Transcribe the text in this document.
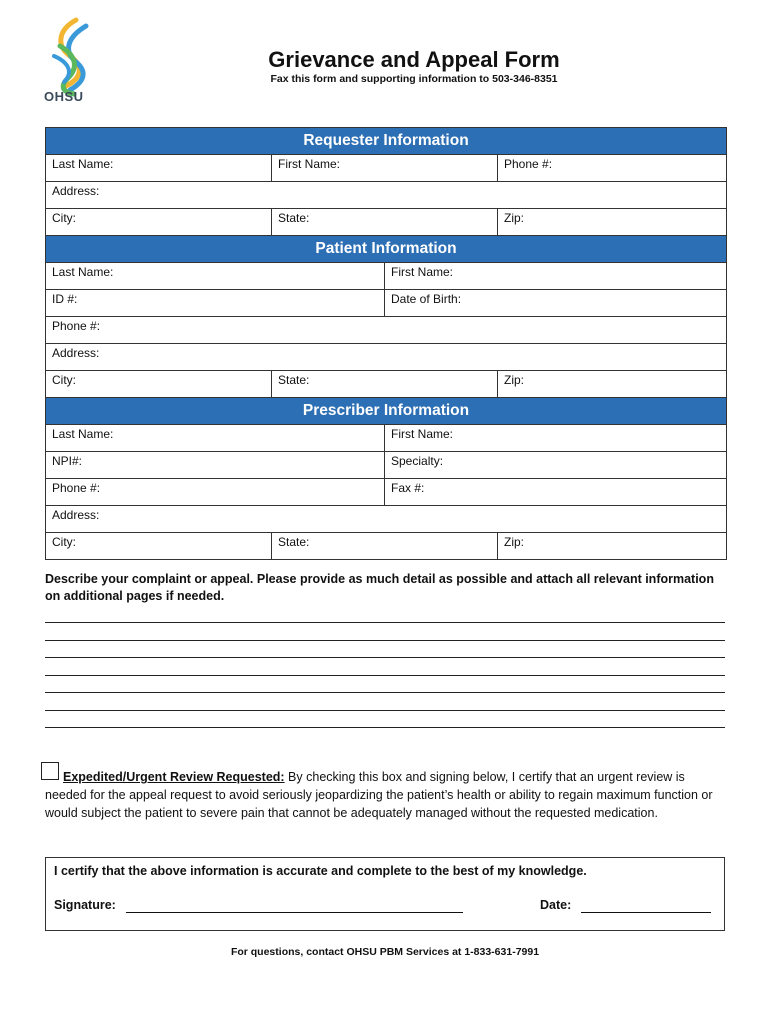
OHSU
Grievance and Appeal Form
Fax this form and supporting information to 503-346-8351
Requester Information
Last Name:	First Name:	Phone #:
Address:
City:	State:	Zip:
Patient Information
Last Name:	First Name:
ID #:	Date of Birth:
Phone #:
Address:
City:	State:	Zip:
Prescriber Information
Last Name:	First Name:
NPI#:	Specialty:
Phone #:	Fax #:
Address:
City:	State:	Zip:
Describe your complaint or appeal. Please provide as much detail as possible and attach all relevant information on additional pages if needed.
Expedited/Urgent Review Requested: By checking this box and signing below, I certify that an urgent review is needed for the appeal request to avoid seriously jeopardizing the patient’s health or ability to regain maximum function or would subject the patient to severe pain that cannot be adequately managed without the requested medication.
I certify that the above information is accurate and complete to the best of my knowledge.
Signature:	Date:
For questions, contact OHSU PBM Services at 1-833-631-7991
